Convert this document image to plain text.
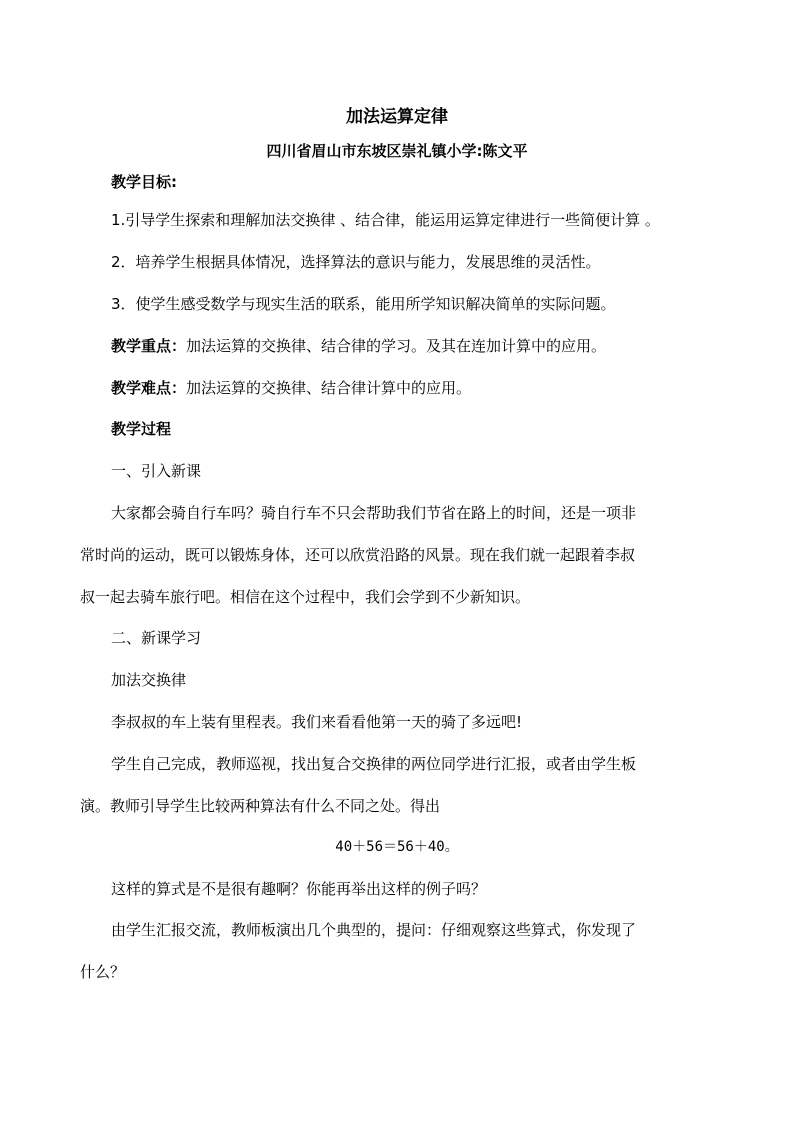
加法运算定律

四川省眉山市东坡区崇礼镇小学:陈文平

教学目标:

1.引导学生探索和理解加法交换律 、结合律，能运用运算定律进行一些简便计算 。

2．培养学生根据具体情况，选择算法的意识与能力，发展思维的灵活性。

3．使学生感受数学与现实生活的联系，能用所学知识解决简单的实际问题。

教学重点：加法运算的交换律、结合律的学习。及其在连加计算中的应用。

教学难点：加法运算的交换律、结合律计算中的应用。

教学过程

一、引入新课

大家都会骑自行车吗？骑自行车不只会帮助我们节省在路上的时间，还是一项非

常时尚的运动，既可以锻炼身体，还可以欣赏沿路的风景。现在我们就一起跟着李叔

叔一起去骑车旅行吧。相信在这个过程中，我们会学到不少新知识。

二、新课学习

加法交换律

李叔叔的车上装有里程表。我们来看看他第一天的骑了多远吧!

学生自己完成，教师巡视，找出复合交换律的两位同学进行汇报，或者由学生板

演。教师引导学生比较两种算法有什么不同之处。得出

40＋56＝56＋40。

这样的算式是不是很有趣啊？你能再举出这样的例子吗？

由学生汇报交流，教师板演出几个典型的，提问：仔细观察这些算式，你发现了

什么？
